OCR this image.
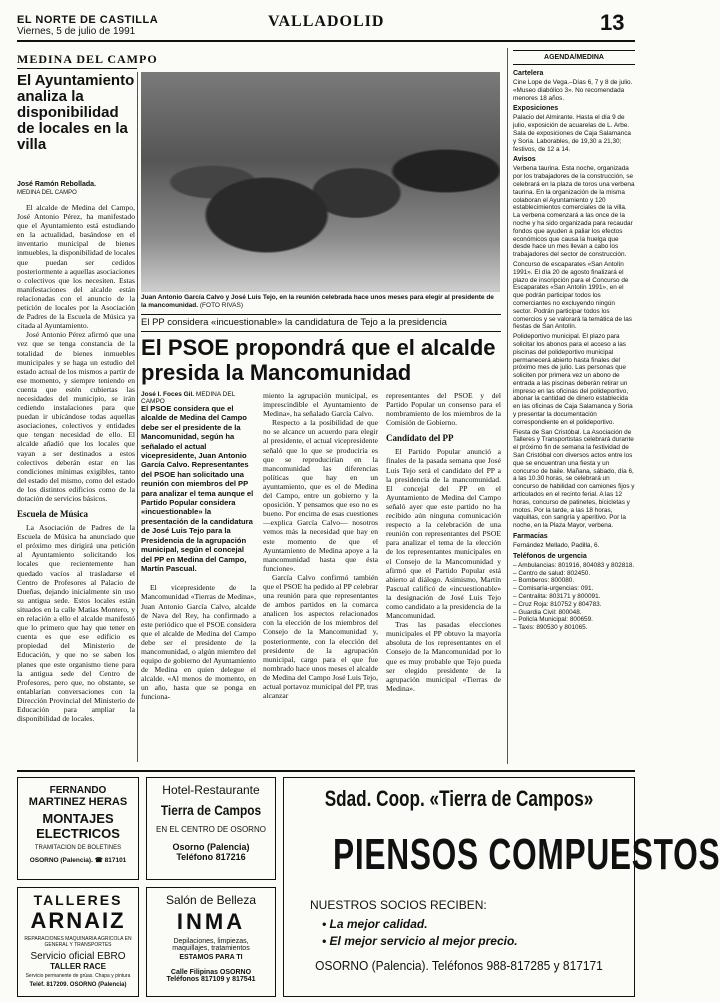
EL NORTE DE CASTILLA
Viernes, 5 de julio de 1991
VALLADOLID	13
MEDINA DEL CAMPO
El Ayuntamiento analiza la disponibilidad de locales en la villa
José Ramón Rebollada.
MEDINA DEL CAMPO

El alcalde de Medina del Campo, José Antonio Pérez, ha manifestado que el Ayuntamiento está estudiando en la actualidad, basándose en el inventario municipal de bienes inmuebles, la disponibilidad de locales que puedan ser cedidos posteriormente a aquellas asociaciones o colectivos que los necesiten. Estas manifestaciones del alcalde están relacionadas con el anuncio de la petición de locales por la Asociación de Padres de la Escuela de Música ya citada al Ayuntamiento.

José Antonio Pérez afirmó que una vez que se tenga constancia de la totalidad de bienes inmuebles municipales y se haga un estudio del estado actual de los mismos a partir de ese momento, y siempre teniendo en cuenta que estén cubiertas las necesidades del municipio, se irán cediendo instalaciones para que puedan ir ubicándose todas aquellas asociaciones, colectivos y entidades que tengan necesidad de ello. El alcalde añadió que los locales que vayan a ser destinados a estos colectivos deberán estar en las condiciones mínimas exigibles, tanto del estado del mismo, como del estado de los distintos edificios como de la dotación de servicios básicos.

Escuela de Música

La Asociación de Padres de la Escuela de Música ha anunciado que el próximo mes dirigirá una petición al Ayuntamiento solicitando los locales que recientemente han quedado vacíos al trasladarse el Centro de Profesores al Palacio de Dueñas, dejando inicialmente sin uso su antigua sede. Estos locales están situados en la calle Matías Montero, y en relación a ello el alcalde manifestó que lo primero que hay que tener en cuenta es que ese edificio es propiedad del Ministerio de Educación, y que no se saben los planes que este organismo tiene para la antigua sede del Centro de Profesores, pero que, no obstante, se entablarían conversaciones con la Dirección Provincial del Ministerio de Educación para ampliar la disponibilidad de locales.

Juan Antonio García Calvo y José Luis Tejo, en la reunión celebrada hace unos meses para elegir al presidente de la mancomunidad. (FOTO RIVAS)
El PP considera «incuestionable» la candidatura de Tejo a la presidencia
El PSOE propondrá que el alcalde presida la Mancomunidad
José I. Foces Gil. MEDINA DEL CAMPO
El PSOE considera que el alcalde de Medina del Campo debe ser el presidente de la Mancomunidad, según ha señalado el actual vicepresidente, Juan Antonio García Calvo. Representantes del PSOE han solicitado una reunión con miembros del PP para analizar el tema aunque el Partido Popular considera «incuestionable» la presentación de la candidatura de José Luis Tejo para la Presidencia de la agrupación municipal, según el concejal del PP en Medina del Campo, Martín Pascual.

El vicepresidente de la Mancomunidad «Tierras de Medina», Juan Antonio García Calvo, alcalde de Nava del Rey, ha confirmado a este periódico que el PSOE considera que el alcalde de Medina del Campo debe ser el presidente de la mancomunidad, o algún miembro del equipo de gobierno del Ayuntamiento de Medina en quien delegue el alcalde. «Al menos de momento, en un año, hasta que se ponga en funciona-

miento la agrupación municipal, es imprescindible el Ayuntamiento de Medina», ha señalado García Calvo.

Respecto a la posibilidad de que no se alcance un acuerdo para elegir al presidente, el actual vicepresidente señaló que lo que se produciría es que se reproducirían en la mancomunidad las diferencias políticas que hay en un ayuntamiento, que es el de Medina del Campo, entre un gobierno y la oposición. Y pensamos que eso no es bueno. Por encima de esas cuestiones —explica García Calvo— nosotros vemos más la necesidad que hay en este momento de que el Ayuntamiento de Medina apoye a la mancomunidad hasta que ésta funcione».

García Calvo confirmó también que el PSOE ha pedido al PP celebrar una reunión para que representantes de ambos partidos en la comarca analicen los aspectos relacionados con la elección de los miembros del Consejo de la Mancomunidad y, posteriormente, con la elección del presidente de la agrupación municipal, cargo para el que fue nombrado hace unos meses el alcalde de Medina del Campo José Luis Tejo, actual portavoz municipal del PP, tras alcanzar

representantes del PSOE y del Partido Popular un consenso para el nombramiento de los miembros de la Comisión de Gobierno.

Candidato del PP

El Partido Popular anunció a finales de la pasada semana que José Luis Tejo será el candidato del PP a la presidencia de la mancomunidad. El concejal del PP en el Ayuntamiento de Medina del Campo señaló ayer que este partido no ha recibido aún ninguna comunicación respecto a la celebración de una reunión con representantes del PSOE para analizar el tema de la elección de los representantes municipales en el Consejo de la Mancomunidad y afirmó que el Partido Popular está abierto al diálogo. Asimismo, Martín Pascual calificó de «incuestionable» la designación de José Luis Tejo como candidato a la presidencia de la Mancomunidad.

Tras las pasadas elecciones municipales el PP obtuvo la mayoría absoluta de los representantes en el Consejo de la Mancomunidad por lo que es muy probable que Tejo pueda ser elegido presidente de la agrupación municipal «Tierras de Medina».

AGENDA/MEDINA
Cartelera

Cine Lope de Vega.–Días 6, 7 y 8 de julio. «Museo diabólico 3». No recomendada menores 18 años.

Exposiciones

Palacio del Almirante. Hasta el día 9 de julio, exposición de acuarelas de L. Arbe. Sala de exposiciones de Caja Salamanca y Soria. Laborables, de 19,30 a 21,30; festivos, de 12 a 14.

Avisos

Verbena taurina. Esta noche, organizada por los trabajadores de la construcción, se celebrará en la plaza de toros una verbena taurina. En la organización de la misma colaboran el Ayuntamiento y 120 establecimientos comerciales de la villa. La verbena comenzará a las once de la noche y ha sido organizada para recaudar fondos que ayuden a paliar los efectos económicos que causa la huelga que desde hace un mes llevan a cabo los trabajadores del sector de construcción.

Concurso de escaparates «San Antolín 1991». El día 20 de agosto finalizará el plazo de inscripción para el Concurso de Escaparates «San Antolín 1991», en el que podrán participar todos los comerciantes no excluyendo ningún sector. Podrán participar todos los comercios y se valorará la temática de las fiestas de San Antolín.

Polideportivo municipal. El plazo para solicitar los abonos para el acceso a las piscinas del polideportivo municipal permanecerá abierto hasta finales del próximo mes de julio. Las personas que soliciten por primera vez un abono de entrada a las piscinas deberán retirar un impreso en las oficinas del polideportivo, abonar la cantidad de dinero establecida en las oficinas de Caja Salamanca y Soria y presentar la documentación correspondiente en el polideportivo.

Fiesta de San Cristóbal. La Asociación de Talleres y Transportistas celebrará durante el próximo fin de semana la festividad de San Cristóbal con diversos actos entre los que se encuentran una fiesta y un concurso de baile. Mañana, sábado, día 6, a las 10.30 horas, se celebrará un concurso de habilidad con camiones fijos y articulados en el recinto ferial. A las 12 horas, concurso de patinetes, bicicletas y motos. Por la tarde, a las 18 horas, vaquillas, con sangría y aperitivo. Por la noche, en la Plaza Mayor, verbena.

Farmacias

Fernández Mellado, Padilla, 6.

Teléfonos de urgencia
– Ambulancias: 801916, 804083 y 802818.
– Centro de salud: 802450.
– Bomberos: 800080.
– Comisaría-urgencias: 091.
– Centralita: 803171 y 800091.
– Cruz Roja: 810752 y 804783.
– Guardia Civil: 800048.
– Policía Municipal: 800659.
– Taxis: 890530 y 801065.
FERNANDO
MARTINEZ HERAS
MONTAJES
ELECTRICOS
TRAMITACION DE BOLETINES
OSORNO (Palencia). ☎ 817101
Hotel-Restaurante
Tierra de Campos
EN EL CENTRO DE OSORNO
Osorno (Palencia)
Teléfono 817216
Sdad. Coop. «Tierra de Campos»
PIENSOS COMPUESTOS
NUESTROS SOCIOS RECIBEN:
• La mejor calidad.
• El mejor servicio al mejor precio.
OSORNO (Palencia). Teléfonos 988-817285 y 817171
TALLERES
ARNAIZ
REPARACIONES MAQUINARIA AGRICOLA EN GENERAL Y TRANSPORTES
Servicio oficial EBRO
TALLER RACE
Servicio permanente de grúas. Chapa y pintura
Teléf. 817209. OSORNO (Palencia)
Salón de Belleza
INMA
Depilaciones, limpiezas, maquillajes, tratamientos
ESTAMOS PARA TI
Calle Filipinas OSORNO
Teléfonos 817109 y 817541
